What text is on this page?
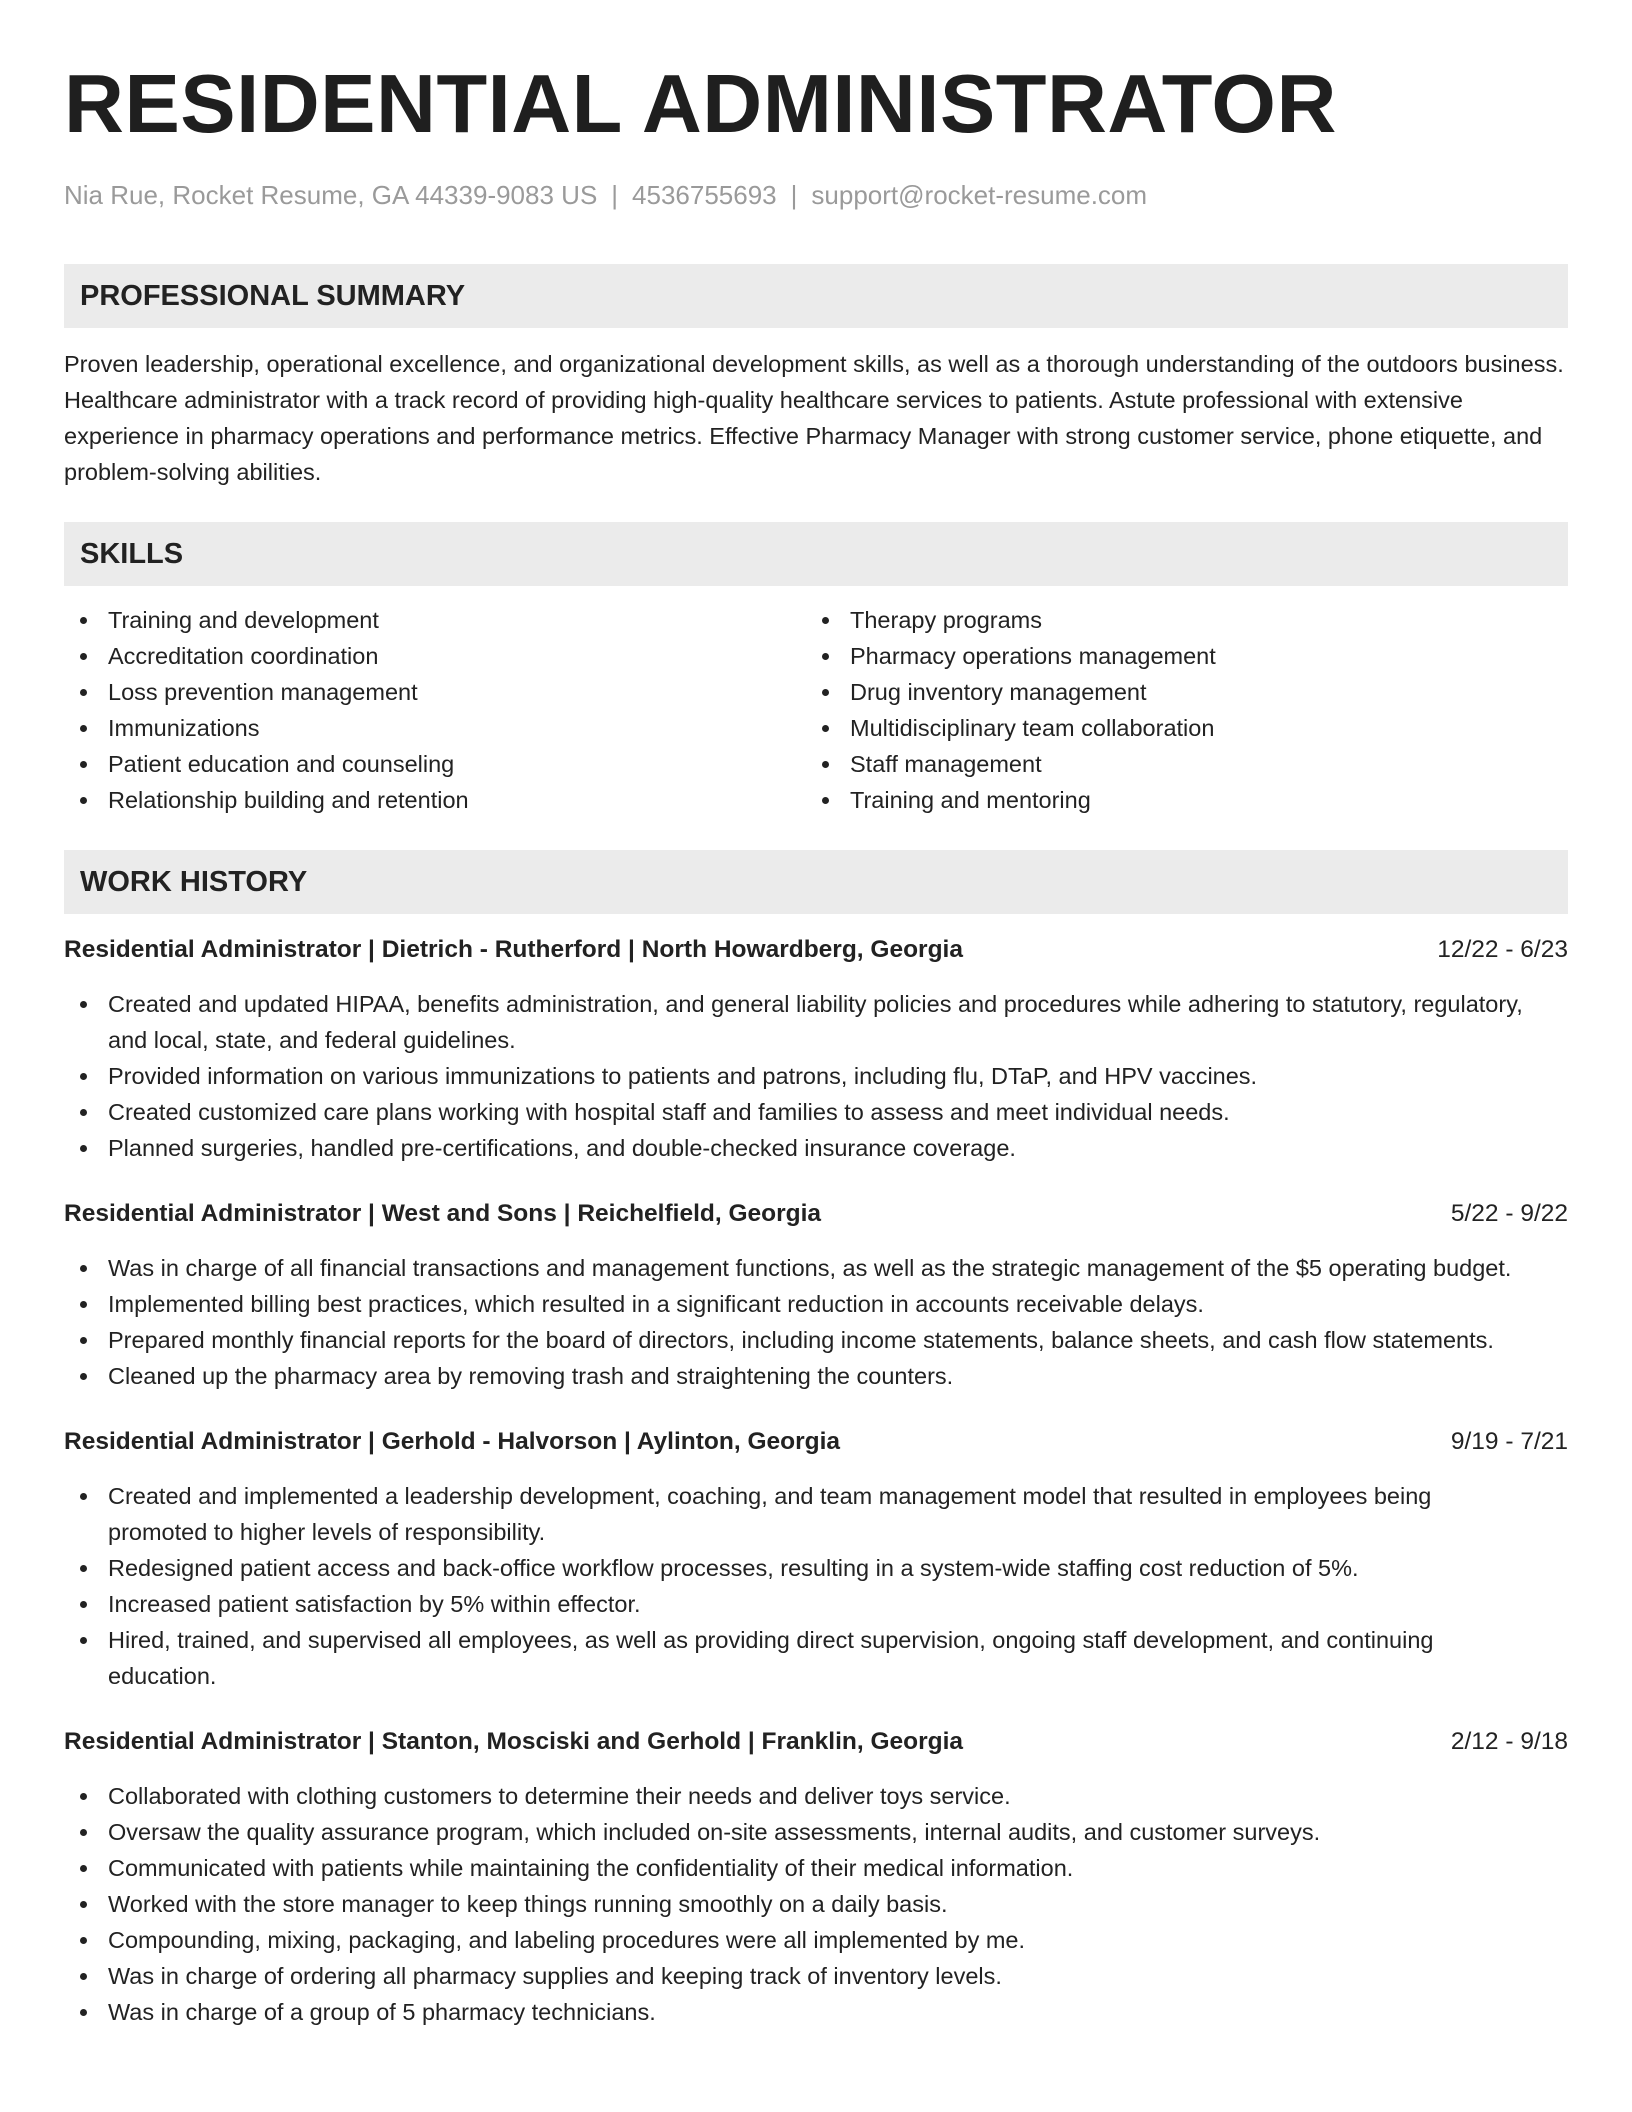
RESIDENTIAL ADMINISTRATOR
Nia Rue, Rocket Resume, GA 44339-9083 US | 4536755693 | support@rocket-resume.com
PROFESSIONAL SUMMARY
Proven leadership, operational excellence, and organizational development skills, as well as a thorough understanding of the outdoors business. Healthcare administrator with a track record of providing high-quality healthcare services to patients. Astute professional with extensive experience in pharmacy operations and performance metrics. Effective Pharmacy Manager with strong customer service, phone etiquette, and problem-solving abilities.
SKILLS
Training and development
Accreditation coordination
Loss prevention management
Immunizations
Patient education and counseling
Relationship building and retention
Therapy programs
Pharmacy operations management
Drug inventory management
Multidisciplinary team collaboration
Staff management
Training and mentoring
WORK HISTORY
Residential Administrator | Dietrich - Rutherford | North Howardberg, Georgia	12/22 - 6/23
Created and updated HIPAA, benefits administration, and general liability policies and procedures while adhering to statutory, regulatory, and local, state, and federal guidelines.
Provided information on various immunizations to patients and patrons, including flu, DTaP, and HPV vaccines.
Created customized care plans working with hospital staff and families to assess and meet individual needs.
Planned surgeries, handled pre-certifications, and double-checked insurance coverage.
Residential Administrator | West and Sons | Reichelfield, Georgia	5/22 - 9/22
Was in charge of all financial transactions and management functions, as well as the strategic management of the $5 operating budget.
Implemented billing best practices, which resulted in a significant reduction in accounts receivable delays.
Prepared monthly financial reports for the board of directors, including income statements, balance sheets, and cash flow statements.
Cleaned up the pharmacy area by removing trash and straightening the counters.
Residential Administrator | Gerhold - Halvorson | Aylinton, Georgia	9/19 - 7/21
Created and implemented a leadership development, coaching, and team management model that resulted in employees being promoted to higher levels of responsibility.
Redesigned patient access and back-office workflow processes, resulting in a system-wide staffing cost reduction of 5%.
Increased patient satisfaction by 5% within effector.
Hired, trained, and supervised all employees, as well as providing direct supervision, ongoing staff development, and continuing education.
Residential Administrator | Stanton, Mosciski and Gerhold | Franklin, Georgia	2/12 - 9/18
Collaborated with clothing customers to determine their needs and deliver toys service.
Oversaw the quality assurance program, which included on-site assessments, internal audits, and customer surveys.
Communicated with patients while maintaining the confidentiality of their medical information.
Worked with the store manager to keep things running smoothly on a daily basis.
Compounding, mixing, packaging, and labeling procedures were all implemented by me.
Was in charge of ordering all pharmacy supplies and keeping track of inventory levels.
Was in charge of a group of 5 pharmacy technicians.
